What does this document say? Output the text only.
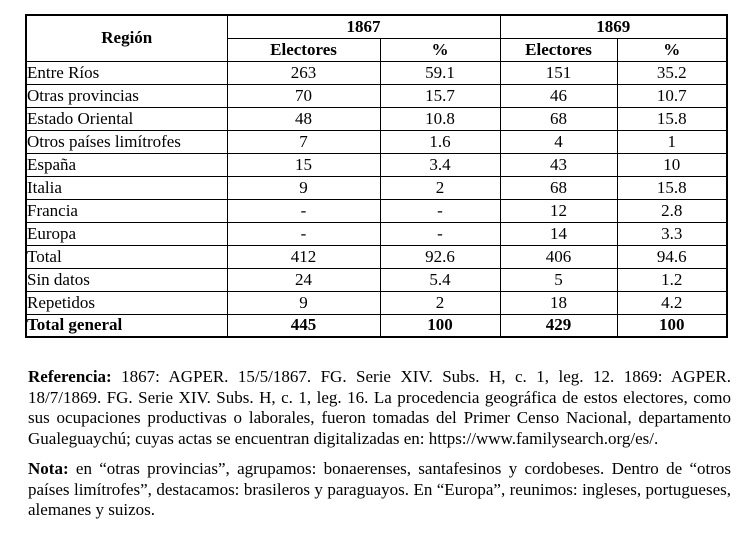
Región	1867		1869	
	Electores	%	Electores	%
Entre Ríos	263	59.1	151	35.2
Otras provincias	70	15.7	46	10.7
Estado Oriental	48	10.8	68	15.8
Otros países limítrofes	7	1.6	4	1
España	15	3.4	43	10
Italia	9	2	68	15.8
Francia	-	-	12	2.8
Europa	-	-	14	3.3
Total	412	92.6	406	94.6
Sin datos	24	5.4	5	1.2
Repetidos	9	2	18	4.2
Total general	445	100	429	100

Referencia: 1867: AGPER. 15/5/1867. FG. Serie XIV. Subs. H, c. 1, leg. 12. 1869: AGPER. 18/7/1869. FG. Serie XIV. Subs. H, c. 1, leg. 16. La procedencia geográfica de estos electores, como sus ocupaciones productivas o laborales, fueron tomadas del Primer Censo Nacional, departamento Gualeguaychú; cuyas actas se encuentran digitalizadas en: https://www.familysearch.org/es/.

Nota: en “otras provincias”, agrupamos: bonaerenses, santafesinos y cordobeses. Dentro de “otros países limítrofes”, destacamos: brasileros y paraguayos. En “Europa”, reunimos: ingleses, portugueses, alemanes y suizos.
